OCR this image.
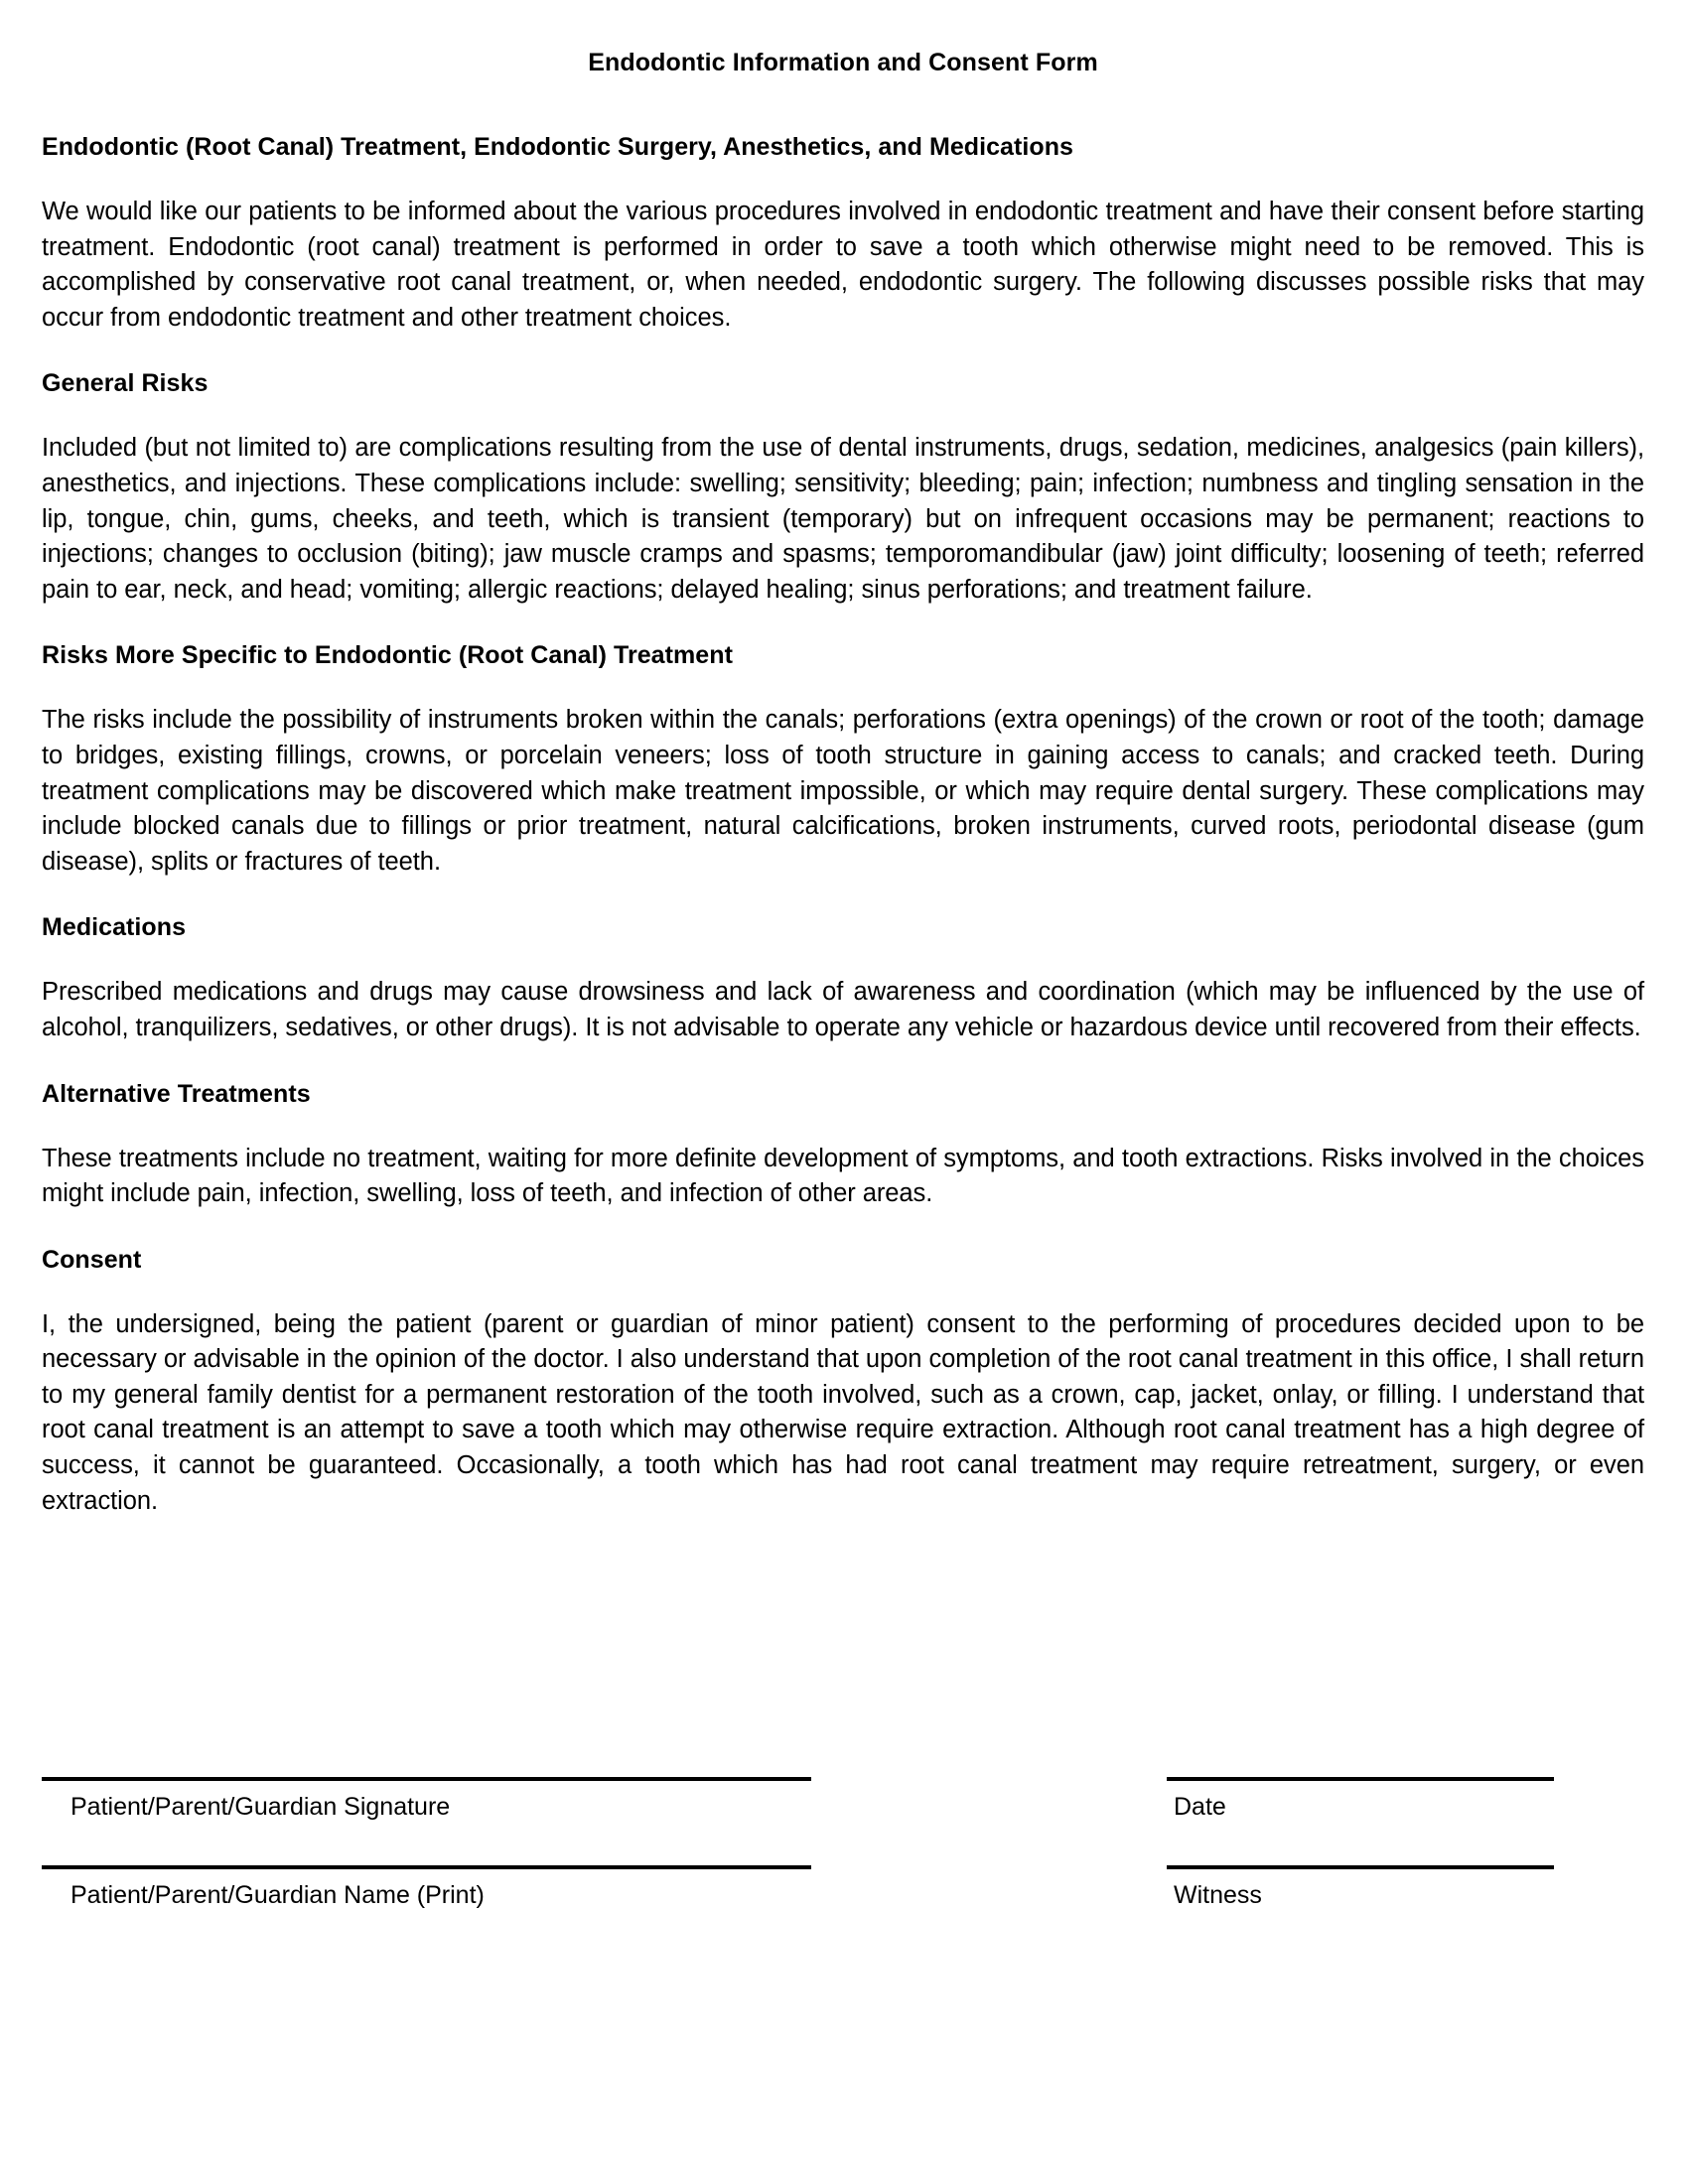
Endodontic Information and Consent Form
Endodontic (Root Canal) Treatment, Endodontic Surgery, Anesthetics, and Medications
We would like our patients to be informed about the various procedures involved in endodontic treatment and have their consent before starting treatment. Endodontic (root canal) treatment is performed in order to save a tooth which otherwise might need to be removed. This is accomplished by conservative root canal treatment, or, when needed, endodontic surgery. The following discusses possible risks that may occur from endodontic treatment and other treatment choices.
General Risks
Included (but not limited to) are complications resulting from the use of dental instruments, drugs, sedation, medicines, analgesics (pain killers), anesthetics, and injections. These complications include: swelling; sensitivity; bleeding; pain; infection; numbness and tingling sensation in the lip, tongue, chin, gums, cheeks, and teeth, which is transient (temporary) but on infrequent occasions may be permanent; reactions to injections; changes to occlusion (biting); jaw muscle cramps and spasms; temporomandibular (jaw) joint difficulty; loosening of teeth; referred pain to ear, neck, and head; vomiting; allergic reactions; delayed healing; sinus perforations; and treatment failure.
Risks More Specific to Endodontic (Root Canal) Treatment
The risks include the possibility of instruments broken within the canals; perforations (extra openings) of the crown or root of the tooth; damage to bridges, existing fillings, crowns, or porcelain veneers; loss of tooth structure in gaining access to canals; and cracked teeth. During treatment complications may be discovered which make treatment impossible, or which may require dental surgery. These complications may include blocked canals due to fillings or prior treatment, natural calcifications, broken instruments, curved roots, periodontal disease (gum disease), splits or fractures of teeth.
Medications
Prescribed medications and drugs may cause drowsiness and lack of awareness and coordination (which may be influenced by the use of alcohol, tranquilizers, sedatives, or other drugs). It is not advisable to operate any vehicle or hazardous device until recovered from their effects.
Alternative Treatments
These treatments include no treatment, waiting for more definite development of symptoms, and tooth extractions. Risks involved in the choices might include pain, infection, swelling, loss of teeth, and infection of other areas.
Consent
I, the undersigned, being the patient (parent or guardian of minor patient) consent to the performing of procedures decided upon to be necessary or advisable in the opinion of the doctor. I also understand that upon completion of the root canal treatment in this office, I shall return to my general family dentist for a permanent restoration of the tooth involved, such as a crown, cap, jacket, onlay, or filling. I understand that root canal treatment is an attempt to save a tooth which may otherwise require extraction. Although root canal treatment has a high degree of success, it cannot be guaranteed. Occasionally, a tooth which has had root canal treatment may require retreatment, surgery, or even extraction.
Patient/Parent/Guardian Signature	Date
Patient/Parent/Guardian Name (Print)	Witness
